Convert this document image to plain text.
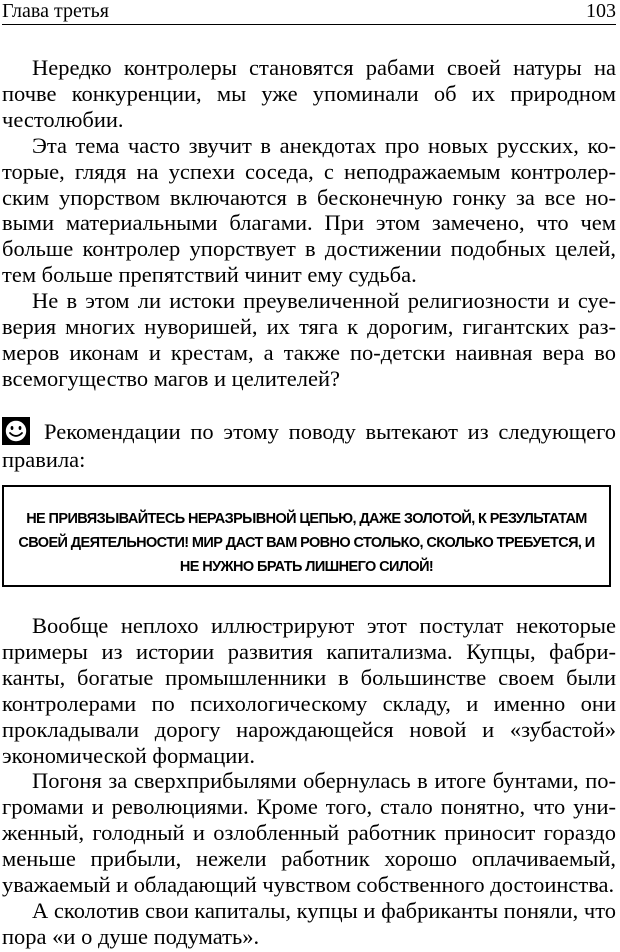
Глава третья	103

Нередко контролеры становятся рабами своей натуры на почве конкуренции, мы уже упоминали об их природном честолюбии.

Эта тема часто звучит в анекдотах про новых русских, которые, глядя на успехи соседа, с неподражаемым контролерским упорством включаются в бесконечную гонку за все новыми материальными благами. При этом замечено, что чем больше контролер упорствует в достижении подобных целей, тем больше препятствий чинит ему судьба.

Не в этом ли истоки преувеличенной религиозности и суеверия многих нуворишей, их тяга к дорогим, гигантских размеров иконам и крестам, а также по-детски наивная вера во всемогущество магов и целителей?

Рекомендации по этому поводу вытекают из следующего правила:
НЕ ПРИВЯЗЫВАЙТЕСЬ НЕРАЗРЫВНОЙ ЦЕПЬЮ, ДАЖЕ ЗОЛОТОЙ, К РЕЗУЛЬТАТАМ СВОЕЙ ДЕЯТЕЛЬНОСТИ! МИР ДАСТ ВАМ РОВНО СТОЛЬКО, СКОЛЬКО ТРЕБУЕТСЯ, И НЕ НУЖНО БРАТЬ ЛИШНЕГО СИЛОЙ!

Вообще неплохо иллюстрируют этот постулат некоторые примеры из истории развития капитализма. Купцы, фабриканты, богатые промышленники в большинстве своем были контролерами по психологическому складу, и именно они прокладывали дорогу нарождающейся новой и «зубастой» экономической формации.

Погоня за сверхприбылями обернулась в итоге бунтами, погромами и революциями. Кроме того, стало понятно, что униженный, голодный и озлобленный работник приносит гораздо меньше прибыли, нежели работник хорошо оплачиваемый, уважаемый и обладающий чувством собственного достоинства.

А сколотив свои капиталы, купцы и фабриканты поняли, что пора «и о душе подумать».
